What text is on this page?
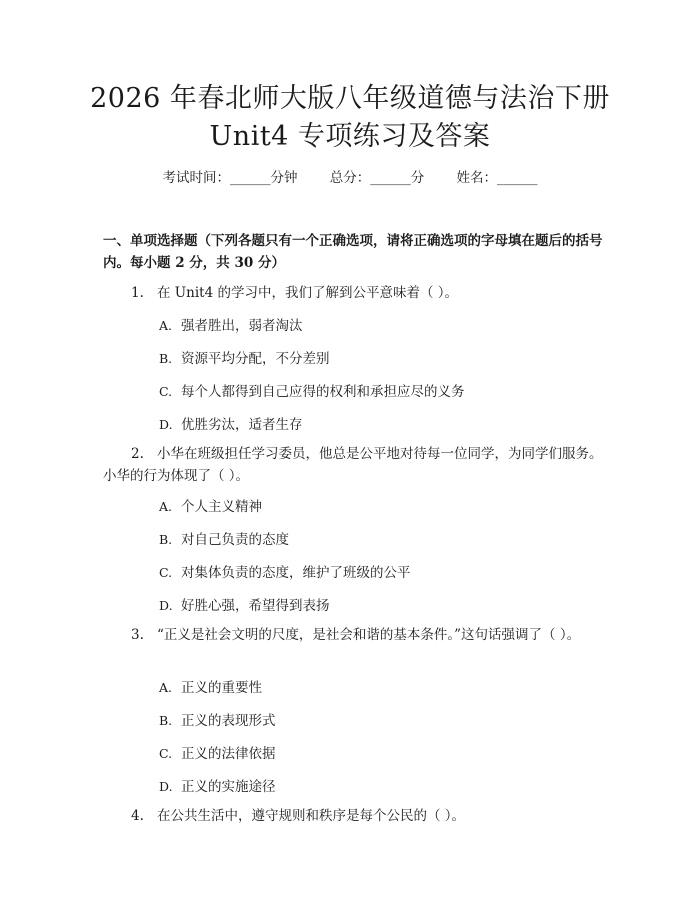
2026 年春北师大版八年级道德与法治下册
Unit4 专项练习及答案
考试时间：______分钟 总分：______分 姓名：______
一、单项选择题（下列各题只有一个正确选项，请将正确选项的字母填在题后的括号内。每小题 2 分，共 30 分）
1. 在 Unit4 的学习中，我们了解到公平意味着（ ）。
A. 强者胜出，弱者淘汰
B. 资源平均分配，不分差别
C. 每个人都得到自己应得的权利和承担应尽的义务
D. 优胜劣汰，适者生存
2. 小华在班级担任学习委员，他总是公平地对待每一位同学，为同学们服务。小华的行为体现了（ ）。
A. 个人主义精神
B. 对自己负责的态度
C. 对集体负责的态度，维护了班级的公平
D. 好胜心强，希望得到表扬
3. “正义是社会文明的尺度，是社会和谐的基本条件。”这句话强调了（ ）。
A. 正义的重要性
B. 正义的表现形式
C. 正义的法律依据
D. 正义的实施途径
4. 在公共生活中，遵守规则和秩序是每个公民的（ ）。
